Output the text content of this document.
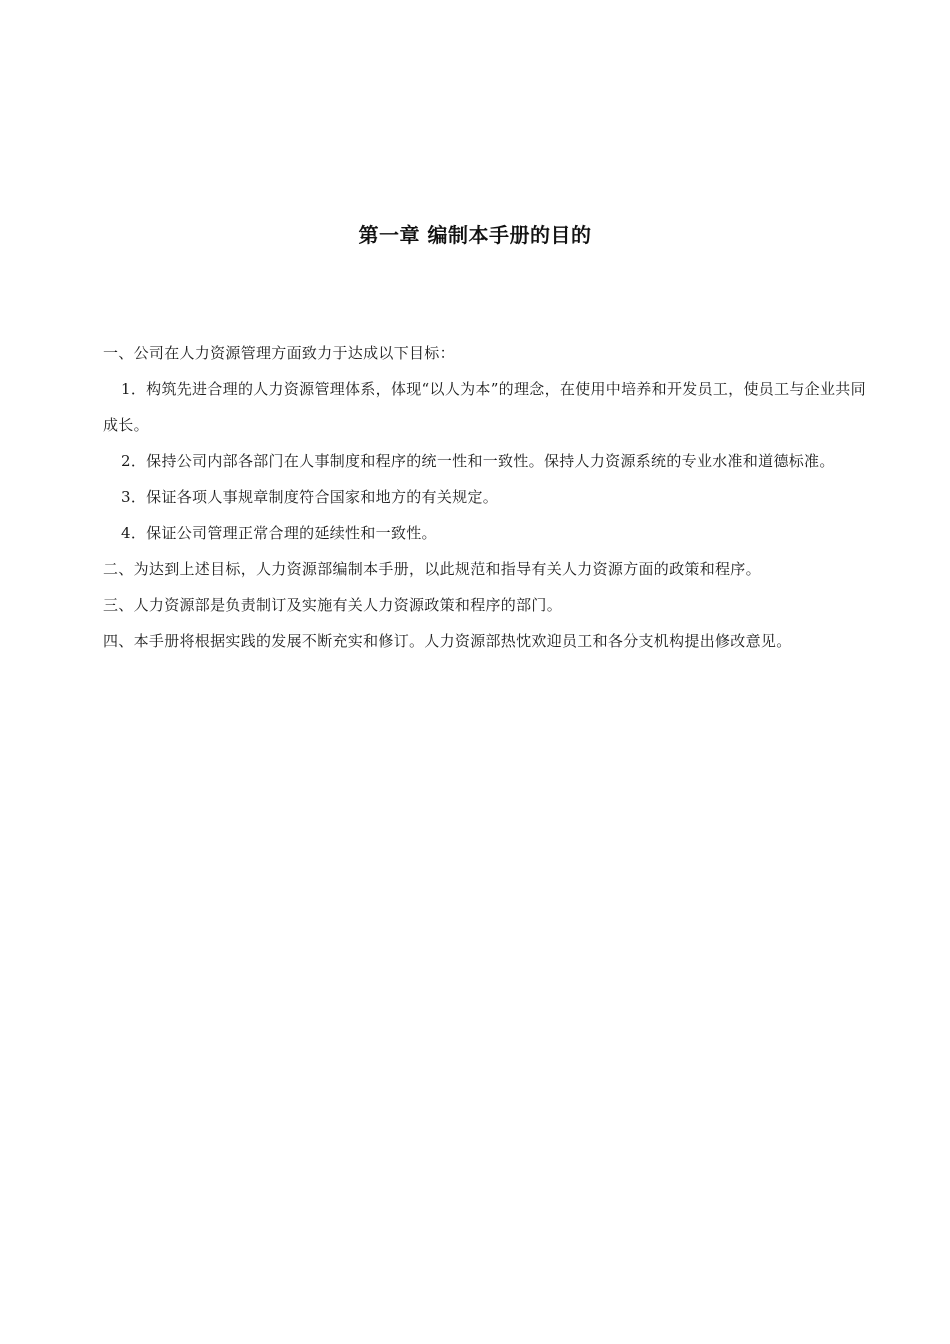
第一章 编制本手册的目的

一、公司在人力资源管理方面致力于达成以下目标：

1．构筑先进合理的人力资源管理体系，体现“以人为本”的理念，在使用中培养和开发员工，使员工与企业共同成长。

2．保持公司内部各部门在人事制度和程序的统一性和一致性。保持人力资源系统的专业水准和道德标准。

3．保证各项人事规章制度符合国家和地方的有关规定。

4．保证公司管理正常合理的延续性和一致性。

二、为达到上述目标，人力资源部编制本手册，以此规范和指导有关人力资源方面的政策和程序。

三、人力资源部是负责制订及实施有关人力资源政策和程序的部门。

四、本手册将根据实践的发展不断充实和修订。人力资源部热忱欢迎员工和各分支机构提出修改意见。
